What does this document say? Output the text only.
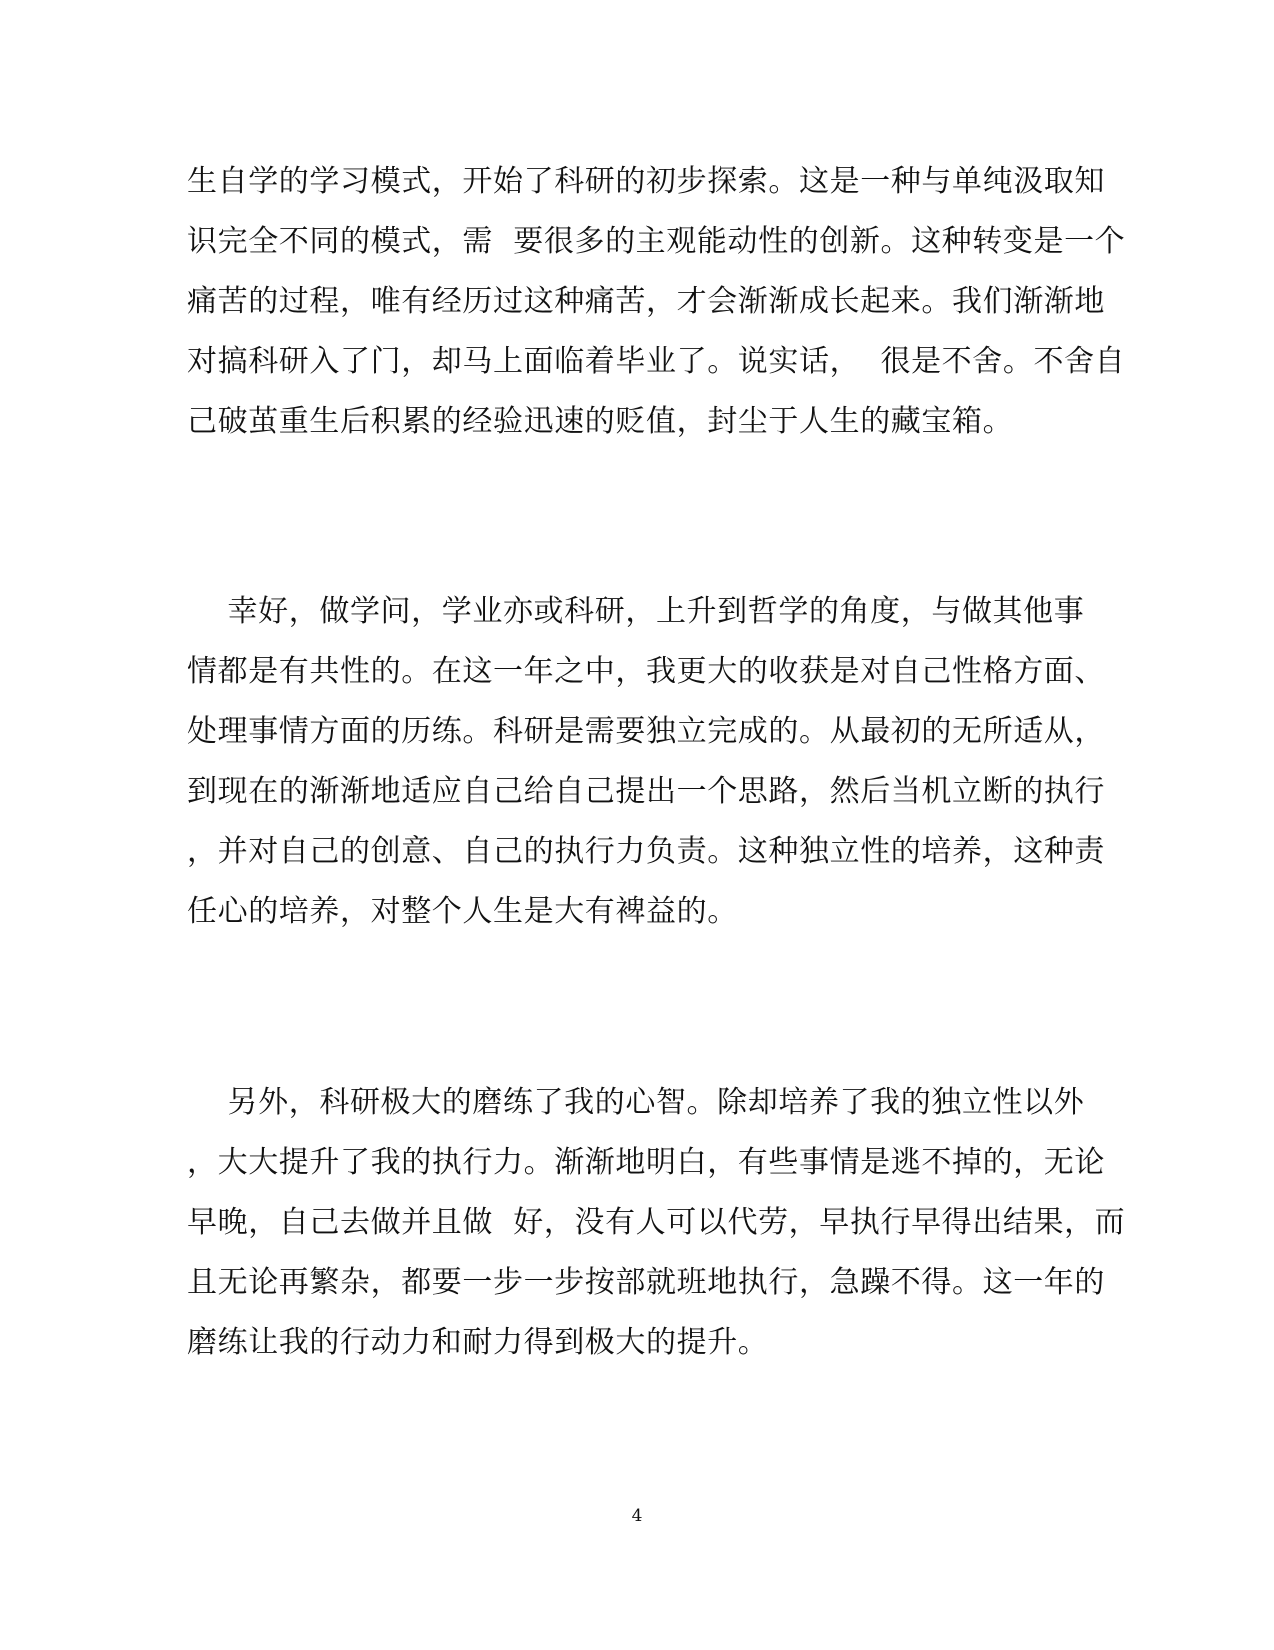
生自学的学习模式，开始了科研的初步探索。这是一种与单纯汲取知
识完全不同的模式，需  要很多的主观能动性的创新。这种转变是一个
痛苦的过程，唯有经历过这种痛苦，才会渐渐成长起来。我们渐渐地
对搞科研入了门，却马上面临着毕业了。说实话，  很是不舍。不舍自
己破茧重生后积累的经验迅速的贬值，封尘于人生的藏宝箱。
幸好，做学问，学业亦或科研，上升到哲学的角度，与做其他事
情都是有共性的。在这一年之中，我更大的收获是对自己性格方面、
处理事情方面的历练。科研是需要独立完成的。从最初的无所适从，
到现在的渐渐地适应自己给自己提出一个思路，然后当机立断的执行
，并对自己的创意、自己的执行力负责。这种独立性的培养，这种责
任心的培养，对整个人生是大有裨益的。
另外，科研极大的磨练了我的心智。除却培养了我的独立性以外
，大大提升了我的执行力。渐渐地明白，有些事情是逃不掉的，无论
早晚，自己去做并且做  好，没有人可以代劳，早执行早得出结果，而
且无论再繁杂，都要一步一步按部就班地执行，急躁不得。这一年的
磨练让我的行动力和耐力得到极大的提升。
4
